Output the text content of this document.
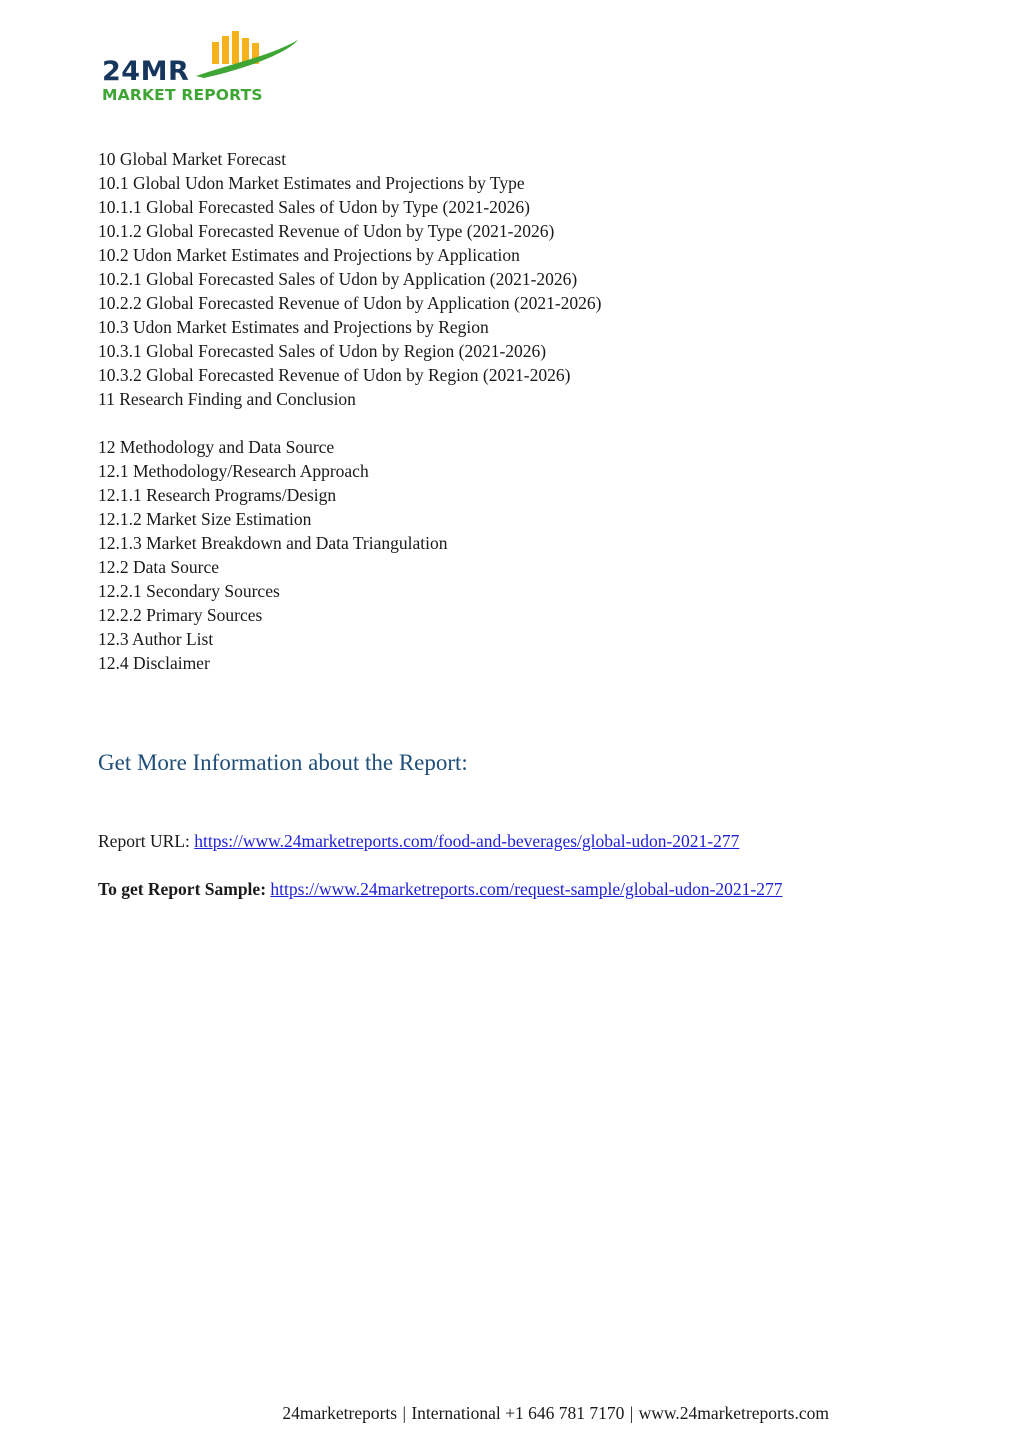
24MR
MARKET REPORTS
10 Global Market Forecast
10.1 Global Udon Market Estimates and Projections by Type
10.1.1 Global Forecasted Sales of Udon by Type (2021-2026)
10.1.2 Global Forecasted Revenue of Udon by Type (2021-2026)
10.2 Udon Market Estimates and Projections by Application
10.2.1 Global Forecasted Sales of Udon by Application (2021-2026)
10.2.2 Global Forecasted Revenue of Udon by Application (2021-2026)
10.3 Udon Market Estimates and Projections by Region
10.3.1 Global Forecasted Sales of Udon by Region (2021-2026)
10.3.2 Global Forecasted Revenue of Udon by Region (2021-2026)
11 Research Finding and Conclusion
12 Methodology and Data Source
12.1 Methodology/Research Approach
12.1.1 Research Programs/Design
12.1.2 Market Size Estimation
12.1.3 Market Breakdown and Data Triangulation
12.2 Data Source
12.2.1 Secondary Sources
12.2.2 Primary Sources
12.3 Author List
12.4 Disclaimer
Get More Information about the Report:
Report URL: https://www.24marketreports.com/food-and-beverages/global-udon-2021-277
To get Report Sample: https://www.24marketreports.com/request-sample/global-udon-2021-277
24marketreports | International +1 646 781 7170 | www.24marketreports.com
